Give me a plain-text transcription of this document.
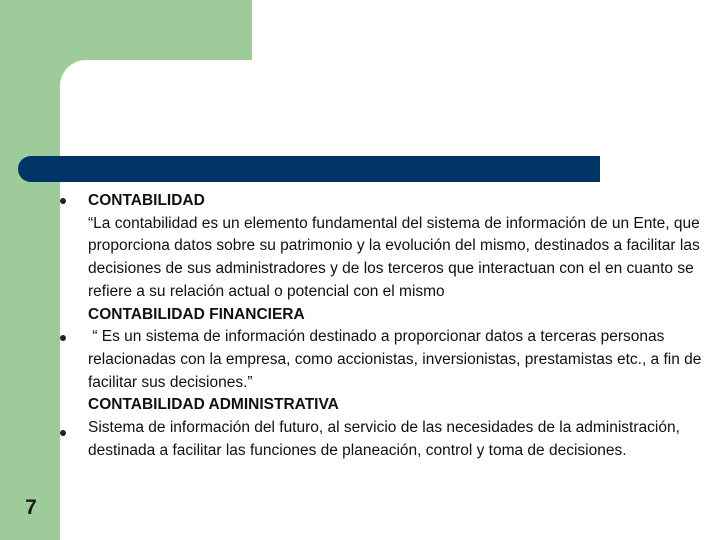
CONTABILIDAD
“La contabilidad es un elemento fundamental del sistema de información de un Ente, que proporciona datos sobre su patrimonio y la evolución del mismo, destinados a facilitar las decisiones de sus administradores y de los terceros que interactuan con el en cuanto se refiere a su relación actual o potencial con el mismo
CONTABILIDAD FINANCIERA
“ Es un sistema de información destinado a proporcionar datos a terceras personas relacionadas con la empresa, como accionistas, inversionistas, prestamistas etc., a fin de facilitar sus decisiones.”
CONTABILIDAD ADMINISTRATIVA
Sistema de información del futuro, al servicio de las necesidades de la administración,  destinada a facilitar las funciones de planeación, control y toma de decisiones.
7
